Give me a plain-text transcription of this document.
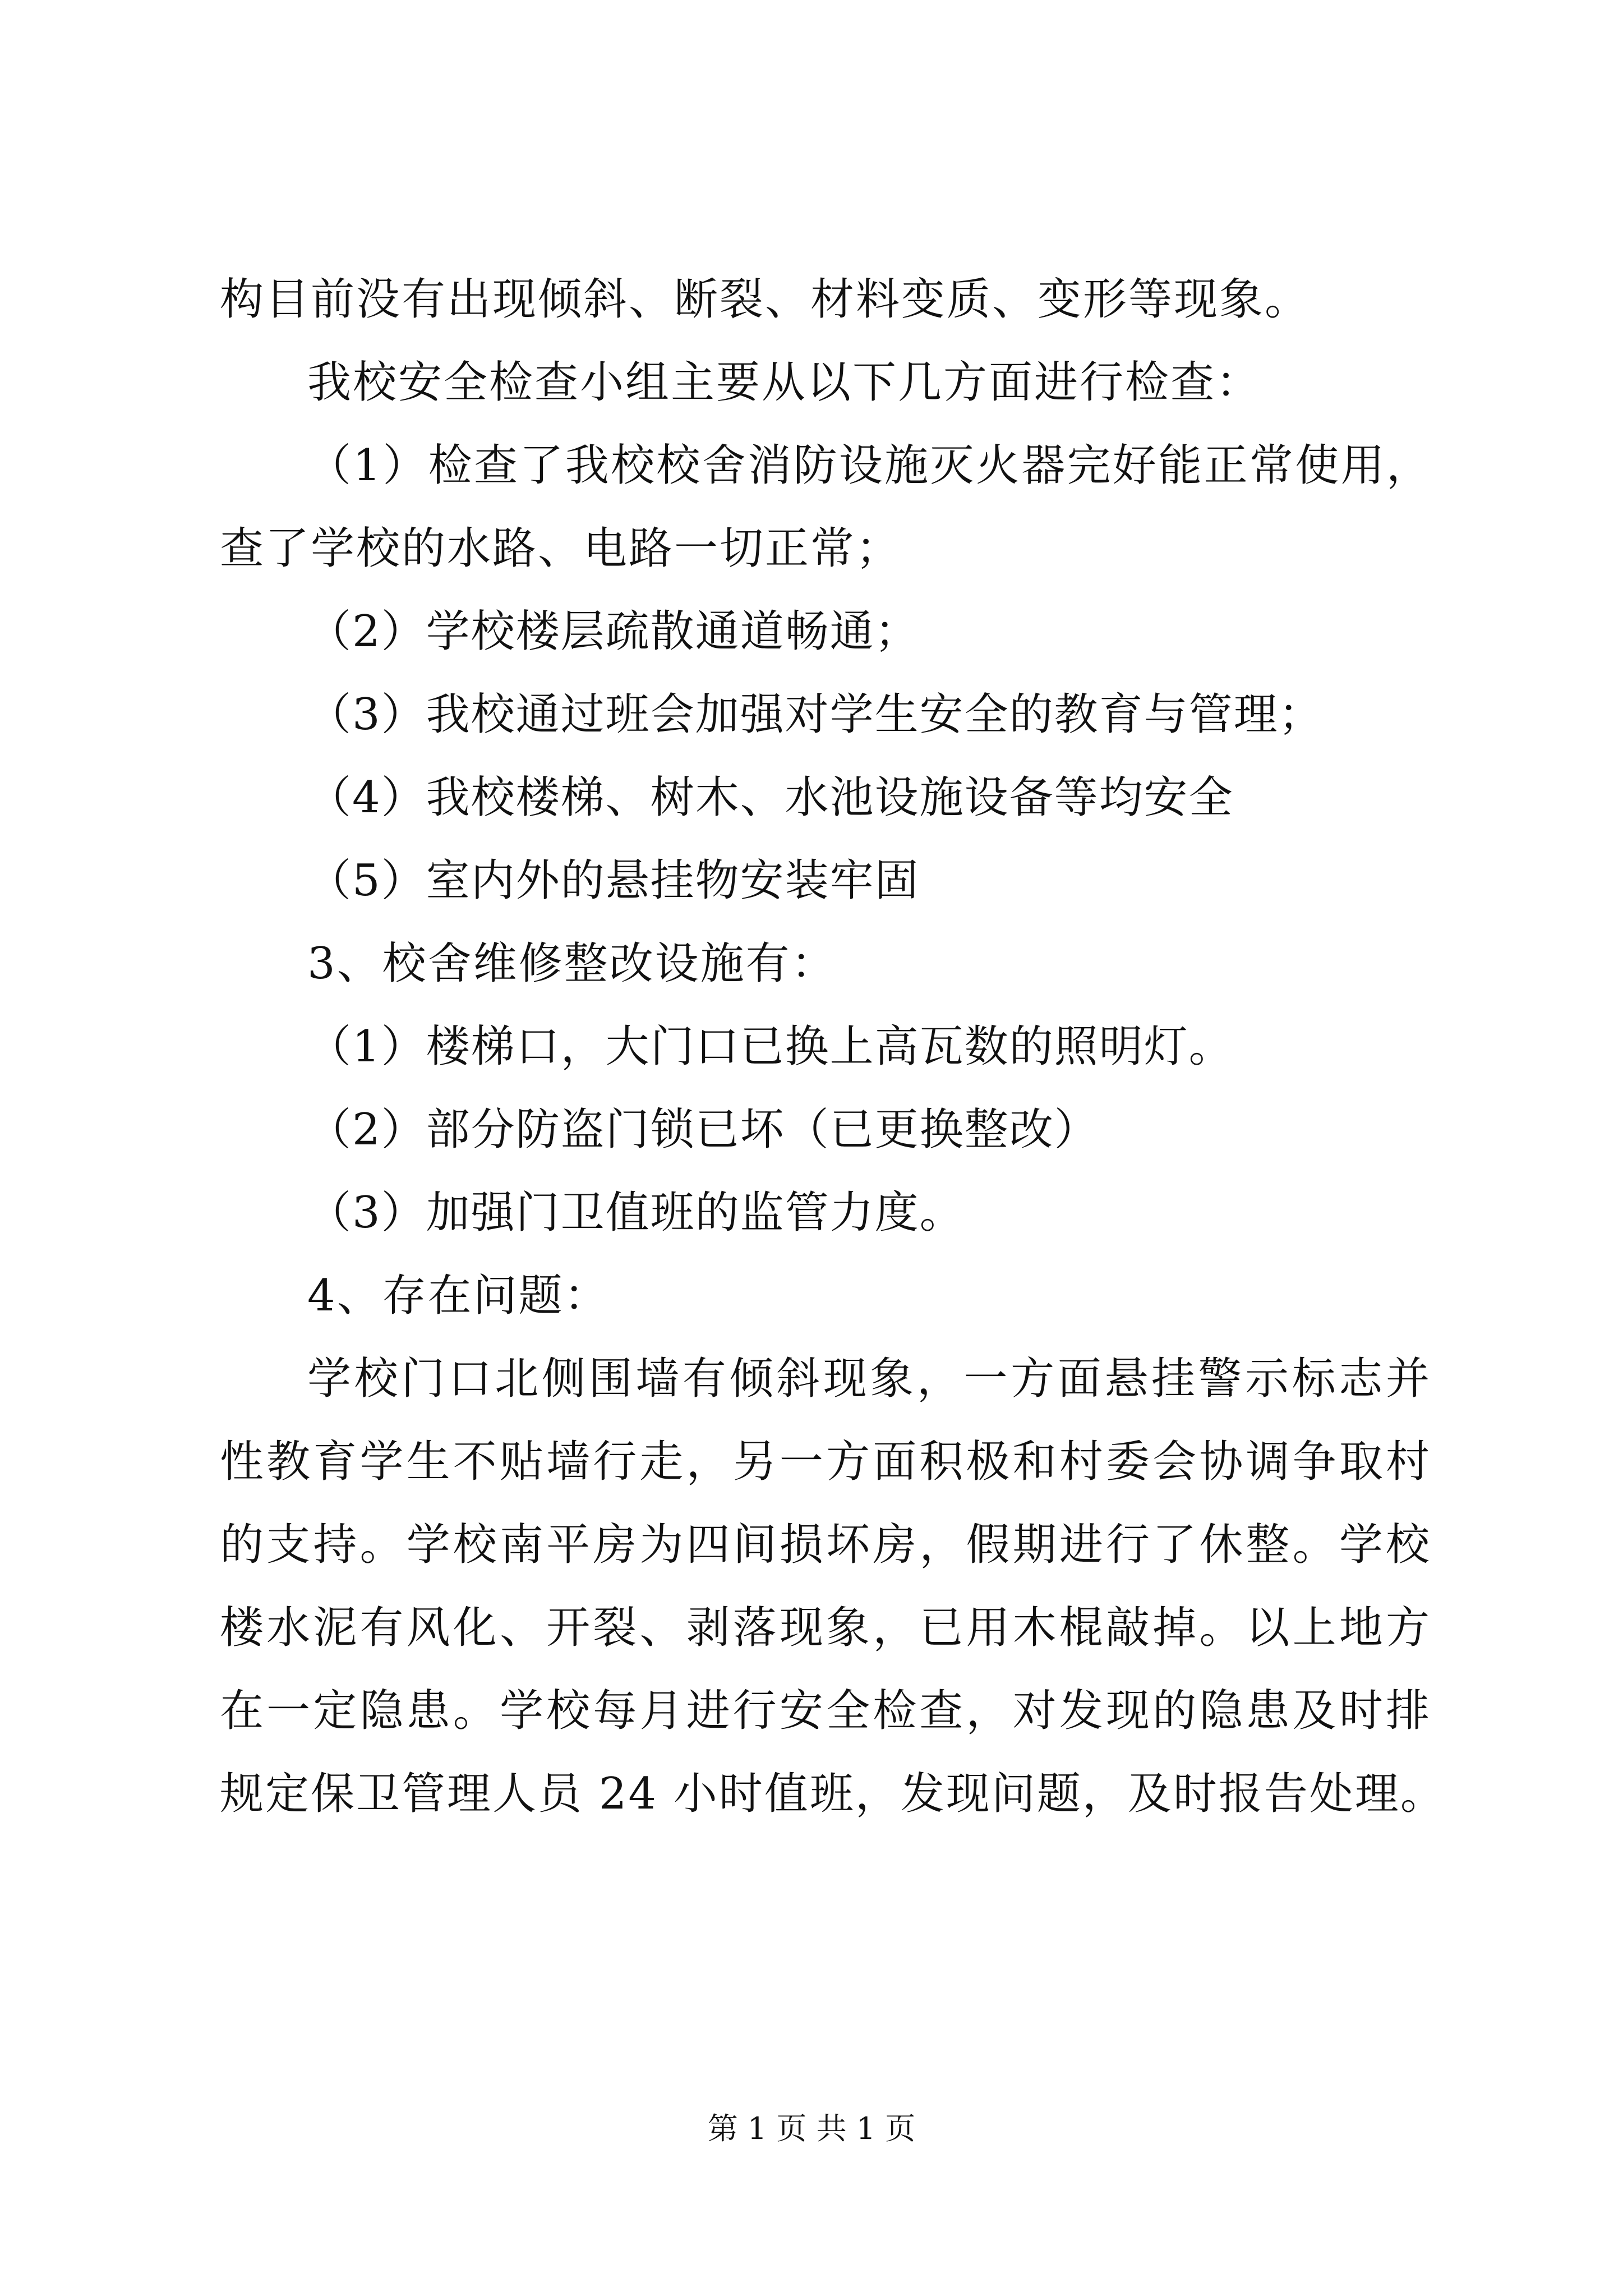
构目前没有出现倾斜、断裂、材料变质、变形等现象。
我校安全检查小组主要从以下几方面进行检查：
（1）检查了我校校舍消防设施灭火器完好能正常使用，
查了学校的水路、电路一切正常；
（2）学校楼层疏散通道畅通；
（3）我校通过班会加强对学生安全的教育与管理；
（4）我校楼梯、树木、水池设施设备等均安全
（5）室内外的悬挂物安装牢固
3、校舍维修整改设施有：
（1）楼梯口，大门口已换上高瓦数的照明灯。
（2）部分防盗门锁已坏（已更换整改）
（3）加强门卫值班的监管力度。
4、存在问题：
学校门口北侧围墙有倾斜现象，一方面悬挂警示标志并
性教育学生不贴墙行走，另一方面积极和村委会协调争取村
的支持。学校南平房为四间损坏房，假期进行了休整。学校
楼水泥有风化、开裂、剥落现象，已用木棍敲掉。以上地方
在一定隐患。学校每月进行安全检查，对发现的隐患及时排
规定保卫管理人员 24 小时值班，发现问题，及时报告处理。
第 1 页 共 1 页
